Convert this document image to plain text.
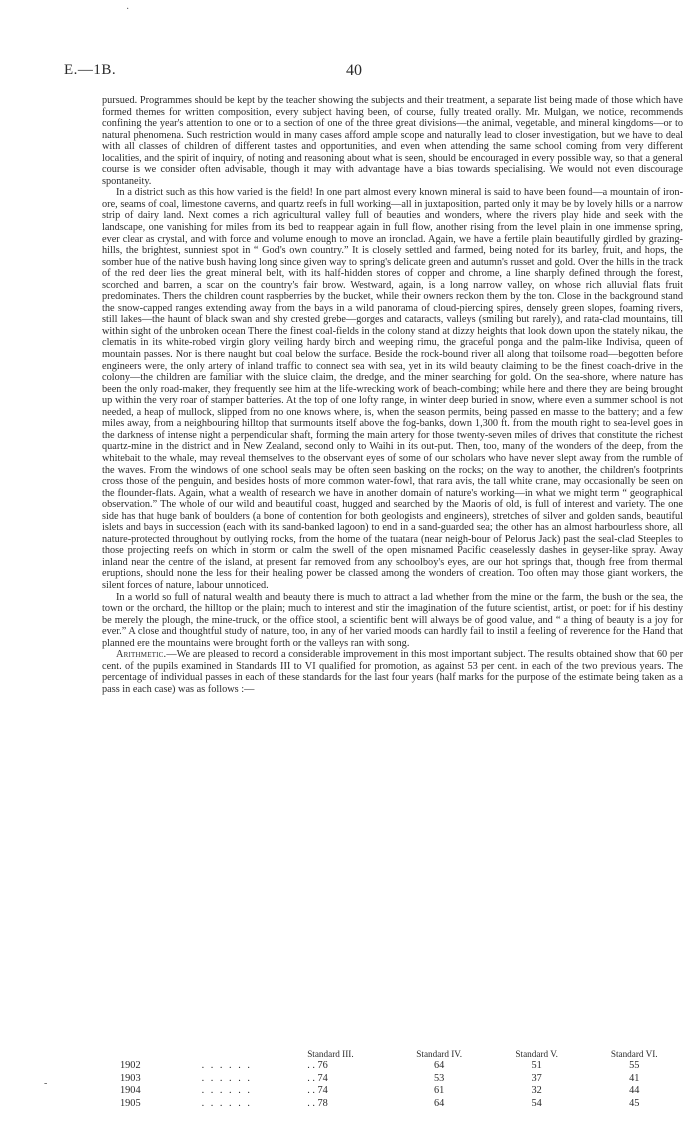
·
E.—1B.	40

pursued. Programmes should be kept by the teacher showing the subjects and their treatment, a separate list being made of those which have formed themes for written composition, every subject having been, of course, fully treated orally. Mr. Mulgan, we notice, recommends confining the year's attention to one or to a section of one of the three great divisions—the animal, vegetable, and mineral kingdoms—or to natural phenomena. Such restriction would in many cases afford ample scope and naturally lead to closer investigation, but we have to deal with all classes of children of different tastes and opportunities, and even when attending the same school coming from very different localities, and the spirit of inquiry, of noting and reasoning about what is seen, should be encouraged in every possible way, so that a general course is we consider often advisable, though it may with advantage have a bias towards specialising. We would not even discourage spontaneity.

In a district such as this how varied is the field! In one part almost every known mineral is said to have been found—a mountain of iron-ore, seams of coal, limestone caverns, and quartz reefs in full working—all in juxtaposition, parted only it may be by lovely hills or a narrow strip of dairy land. Next comes a rich agricultural valley full of beauties and wonders, where the rivers play hide and seek with the landscape, one vanishing for miles from its bed to reappear again in full flow, another rising from the level plain in one immense spring, ever clear as crystal, and with force and volume enough to move an ironclad. Again, we have a fertile plain beautifully girdled by grazing-hills, the brightest, sunniest spot in “ God's own country.” It is closely settled and farmed, being noted for its barley, fruit, and hops, the somber hue of the native bush having long since given way to spring's delicate green and autumn's russet and gold. Over the hills in the track of the red deer lies the great mineral belt, with its half-hidden stores of copper and chrome, a line sharply defined through the forest, scorched and barren, a scar on the country's fair brow. Westward, again, is a long narrow valley, on whose rich alluvial flats fruit predominates. Thers the children count raspberries by the bucket, while their owners reckon them by the ton. Close in the background stand the snow-capped ranges extending away from the bays in a wild panorama of cloud-piercing spires, densely green slopes, foaming rivers, still lakes—the haunt of black swan and shy crested grebe—gorges and cataracts, valleys (smiling but rarely), and rata-clad mountains, till within sight of the unbroken ocean There the finest coal-fields in the colony stand at dizzy heights that look down upon the stately nikau, the clematis in its white-robed virgin glory veiling hardy birch and weeping rimu, the graceful ponga and the palm-like Indivisa, queen of mountain passes. Nor is there naught but coal below the surface. Beside the rock-bound river all along that toilsome road—begotten before engineers were, the only artery of inland traffic to connect sea with sea, yet in its wild beauty claiming to be the finest coach-drive in the colony—the children are familiar with the sluice claim, the dredge, and the miner searching for gold. On the sea-shore, where nature has been the only road-maker, they frequently see him at the life-wrecking work of beach-combing; while here and there they are being brought up within the very roar of stamper batteries. At the top of one lofty range, in winter deep buried in snow, where even a summer school is not needed, a heap of mullock, slipped from no one knows where, is, when the season permits, being passed en masse to the battery; and a few miles away, from a neighbouring hilltop that surmounts itself above the fog-banks, down 1,300 ft. from the mouth right to sea-level goes in the darkness of intense night a perpendicular shaft, forming the main artery for those twenty-seven miles of drives that constitute the richest quartz-mine in the district and in New Zealand, second only to Waihi in its out-put. Then, too, many of the wonders of the deep, from the whitebait to the whale, may reveal themselves to the observant eyes of some of our scholars who have never slept away from the rumble of the waves. From the windows of one school seals may be often seen basking on the rocks; on the way to another, the children's footprints cross those of the penguin, and besides hosts of more common water-fowl, that rara avis, the tall white crane, may occasionally be seen on the flounder-flats. Again, what a wealth of research we have in another domain of nature's working—in what we might term “ geographical observation.” The whole of our wild and beautiful coast, hugged and searched by the Maoris of old, is full of interest and variety. The one side has that huge bank of boulders (a bone of contention for both geologists and engineers), stretches of silver and golden sands, beautiful islets and bays in succession (each with its sand-banked lagoon) to end in a sand-guarded sea; the other has an almost harbourless shore, all nature-protected throughout by outlying rocks, from the home of the tuatara (near neigh-bour of Pelorus Jack) past the seal-clad Steeples to those projecting reefs on which in storm or calm the swell of the open misnamed Pacific ceaselessly dashes in geyser-like spray. Away inland near the centre of the island, at present far removed from any schoolboy's eyes, are our hot springs that, though free from thermal eruptions, should none the less for their healing power be classed among the wonders of creation. Too often may those giant workers, the silent forces of nature, labour unnoticed.

In a world so full of natural wealth and beauty there is much to attract a lad whether from the mine or the farm, the bush or the sea, the town or the orchard, the hilltop or the plain; much to interest and stir the imagination of the future scientist, artist, or poet: for if his destiny be merely the plough, the mine-truck, or the office stool, a scientific bent will always be of good value, and “ a thing of beauty is a joy for ever.” A close and thoughtful study of nature, too, in any of her varied moods can hardly fail to instil a feeling of reverence for the Hand that planned ere the mountains were brought forth or the valleys ran with song.

Arithmetic.—We are pleased to record a considerable improvement in this most important subject. The results obtained show that 60 per cent. of the pupils examined in Standards III to VI qualified for promotion, as against 53 per cent. in each of the two previous years. The percentage of individual passes in each of these standards for the last four years (half marks for the purpose of the estimate being taken as a pass in each case) was as follows :—

		Standard III.	Standard IV.	Standard V.	Standard VI.
1902	. . . . . .	. . 76	64	51	55
1903	. . . . . .	. . 74	53	37	41
1904	. . . . . .	. . 74	61	32	44
1905	. . . . . .	. . 78	64	54	45
-
